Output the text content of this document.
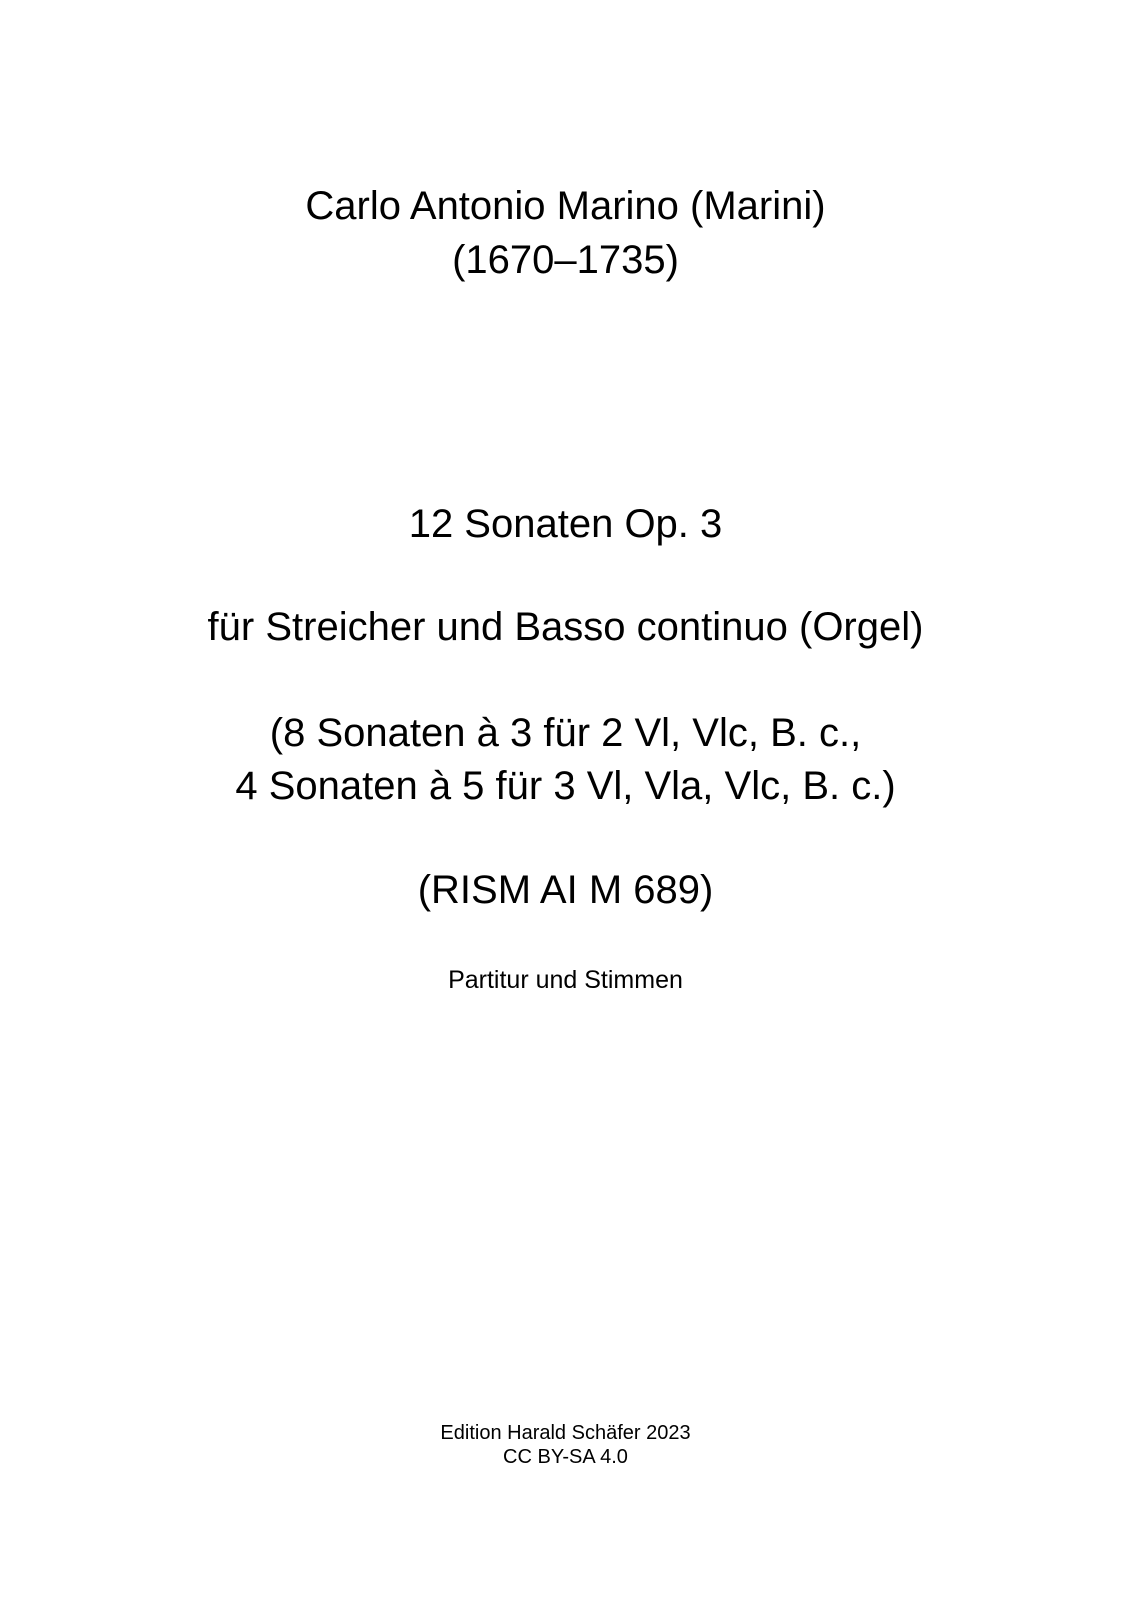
Carlo Antonio Marino (Marini)
(1670–1735)
12 Sonaten Op. 3
für Streicher und Basso continuo (Orgel)
(8 Sonaten à 3 für 2 Vl, Vlc, B. c.,
4 Sonaten à 5 für 3 Vl, Vla, Vlc, B. c.)
(RISM AI M 689)
Partitur und Stimmen
Edition Harald Schäfer 2023
CC BY-SA 4.0
